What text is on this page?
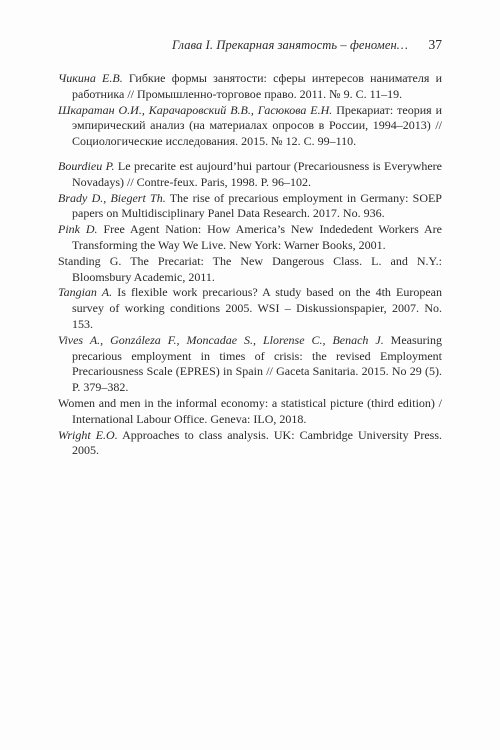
Глава I. Прекарная занятость – феномен… 37

Чикина Е.В. Гибкие формы занятости: сферы интересов нанимателя и работника // Промышленно-торговое право. 2011. № 9. С. 11–19.

Шкаратан О.И., Карачаровский В.В., Гасюкова Е.Н. Прекариат: теория и эмпирический анализ (на материалах опросов в России, 1994–2013) // Социологические исследования. 2015. № 12. С. 99–110.

Bourdieu P. Le precarite est aujourd’hui partour (Precariousness is Everywhere Novadays) // Contre-feux. Paris, 1998. P. 96–102.

Brady D., Biegert Th. The rise of precarious employment in Germany: SOEP papers on Multidisciplinary Panel Data Research. 2017. No. 936.

Pink D. Free Agent Nation: How America’s New Indededent Workers Are Transforming the Way We Live. New York: Warner Books, 2001.

Standing G. The Precariat: The New Dangerous Class. L. and N.Y.: Bloomsbury Academic, 2011.

Tangian A. Is flexible work precarious? A study based on the 4th European survey of working conditions 2005. WSI – Diskussionspapier, 2007. No. 153.

Vives A., Gonzáleza F., Moncadae S., Llorense C., Benach J. Measuring precarious employment in times of crisis: the revised Employment Precariousness Scale (EPRES) in Spain // Gaceta Sanitaria. 2015. No 29 (5). P. 379–382.

Women and men in the informal economy: a statistical picture (third edition) / International Labour Office. Geneva: ILO, 2018.

Wright E.O. Approaches to class analysis. UK: Cambridge University Press. 2005.
